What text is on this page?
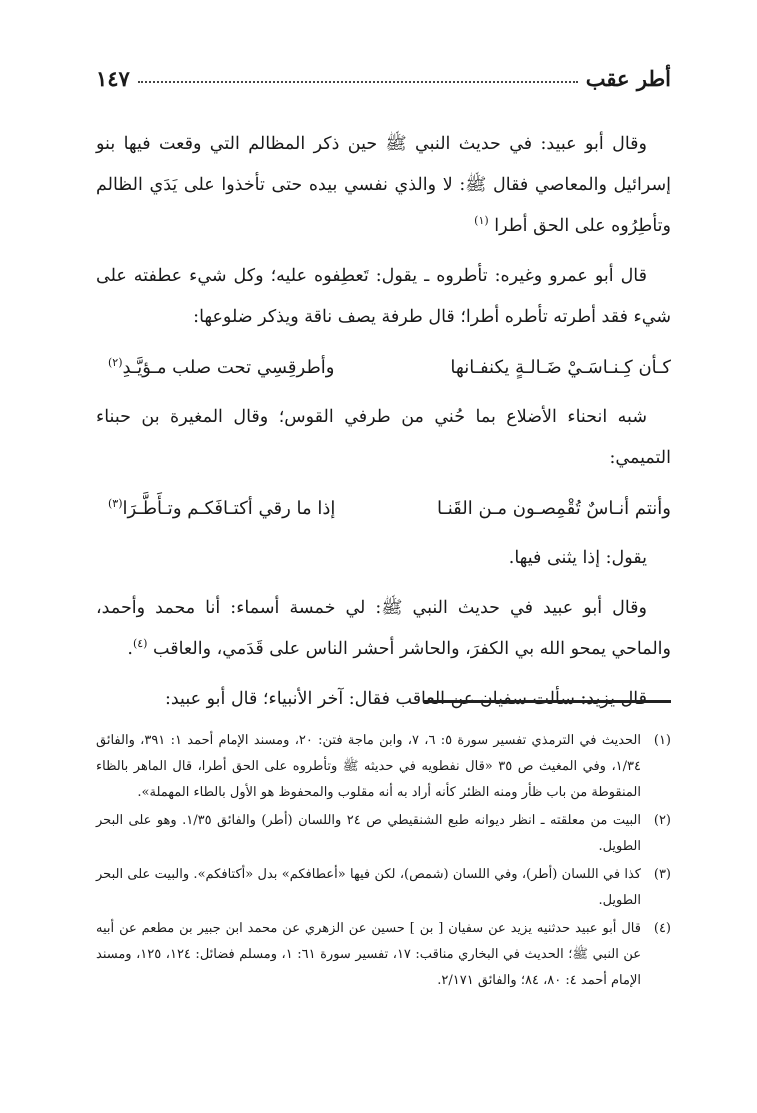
أطر عقب
١٤٧

وقال أبو عبيد: في حديث النبي ﷺ حين ذكر المظالم التي وقعت فيها بنو إسرائيل والمعاصي فقال ﷺ: لا والذي نفسي بيده حتى تأخذوا على يَدَي الظالم وتأطِرُوه على الحق أطرا $^{(١)}$

قال أبو عمرو وغيره: تأطروه ـ يقول: تَعطِفوه عليه؛ وكل شيء عطفته على شيء فقد أطرته تأطره أطرا؛ قال طرفة يصف ناقة ويذكر ضلوعها:

كـأن كِـنـاسَـيْ ضَـالـةٍ يكنفـانها
وأطرقِسِي تحت صلب مـؤيَّـدِ$^{(٢)}$

شبه انحناء الأضلاع بما حُني من طرفي القوس؛ وقال المغيرة بن حبناء التميمي:

وأنتم أنـاسٌ تُقْمِصـون مـن القَنـا
إذا ما رقي أكتـافَكـم وتـأَطَّـرَا$^{(٣)}$

يقول: إذا يثنى فيها.

وقال أبو عبيد في حديث النبي ﷺ: لي خمسة أسماء: أنا محمد وأحمد، والماحي يمحو الله بي الكفرَ، والحاشر أحشر الناس على قَدَمي، والعاقب $^{(٤)}$.

قال يزيد: سألت سفيان عن العاقب فقال: آخر الأنبياء؛ قال أبو عبيد:

(١)
الحديث في الترمذي تفسير سورة ٥: ٦، ٧، وابن ماجة فتن: ٢٠، ومسند الإمام أحمد ١: ٣٩١، والفائق ١/٣٤، وفي المغيث ص ٣٥ «قال نفطويه في حديثه ﷺ وتأطروه على الحق أطرا، قال الماهر بالظاء المنقوطة من باب ظأر ومنه الظئر كأنه أراد به أنه مقلوب والمحفوظ هو الأول بالطاء المهملة».
(٢)
البيت من معلقته ـ انظر ديوانه طبع الشنقيطي ص ٢٤ واللسان (أطر) والفائق ١/٣٥. وهو على البحر الطويل.
(٣)
كذا في اللسان (أطر)، وفي اللسان (شمص)، لكن فيها «أعطافكم» بدل «أكتافكم». والبيت على البحر الطويل.
(٤)
قال أبو عبيد حدثنيه يزيد عن سفيان [ بن ] حسين عن الزهري عن محمد ابن جبير بن مطعم عن أبيه عن النبي ﷺ؛ الحديث في البخاري مناقب: ١٧، تفسير سورة ٦١: ١، ومسلم فضائل: ١٢٤، ١٢٥، ومسند الإمام أحمد ٤: ٨٠، ٨٤؛ والفائق ٢/١٧١.
